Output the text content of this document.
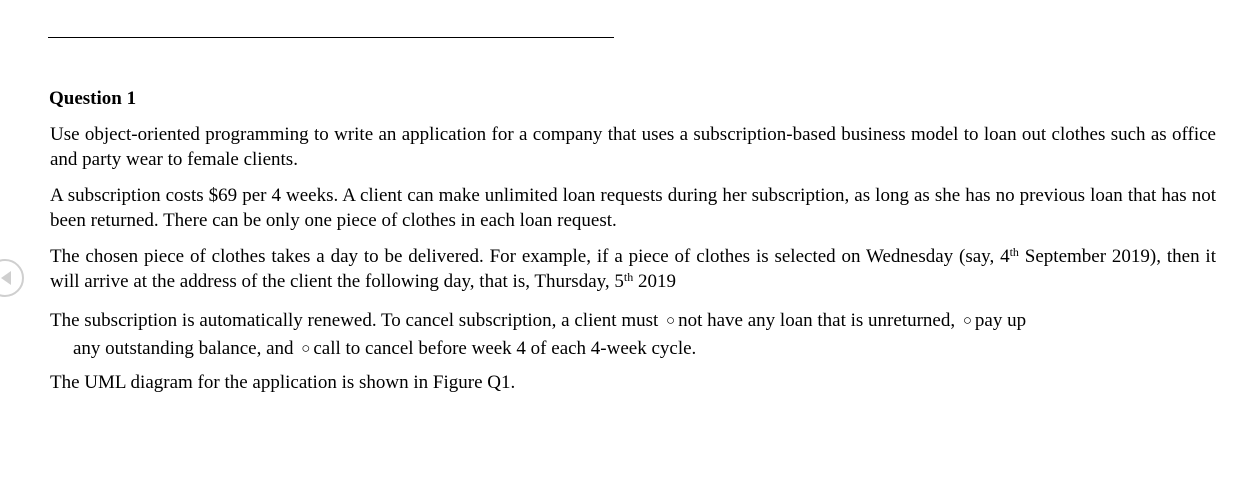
Question 1

Use object-oriented programming to write an application for a company that uses a subscription-based business model to loan out clothes such as office and party wear to female clients.

A subscription costs $69 per 4 weeks. A client can make unlimited loan requests during her subscription, as long as she has no previous loan that has not been returned. There can be only one piece of clothes in each loan request.

The chosen piece of clothes takes a day to be delivered. For example, if a piece of clothes is selected on Wednesday (say, 4th September 2019), then it will arrive at the address of the client the following day, that is, Thursday, 5th 2019

The subscription is automatically renewed. To cancel subscription, a client must ○ not have any loan that is unreturned, ○ pay up
any outstanding balance, and ○ call to cancel before week 4 of each 4-week cycle.

The UML diagram for the application is shown in Figure Q1.
